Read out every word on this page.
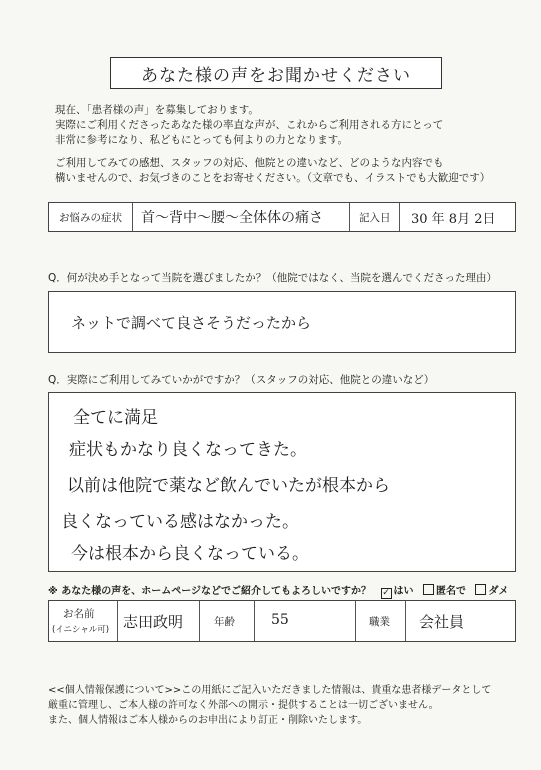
あなた様の声をお聞かせください
現在、「患者様の声」を募集しております。
実際にご利用くださったあなた様の率直な声が、これからご利用される方にとって
非常に参考になり、私どもにとっても何よりの力となります。
ご利用してみての感想、スタッフの対応、他院との違いなど、どのような内容でも
構いませんので、お気づきのことをお寄せください。（文章でも、イラストでも大歓迎です）
お悩みの症状 首～背中～腰～全体体の痛さ	記入日 30 年 8月 2日
Q．何が決め手となって当院を選びましたか？（他院ではなく、当院を選んでくださった理由）
ネットで調べて良さそうだったから
Q．実際にご利用してみていかがですか？（スタッフの対応、他院との違いなど）
全てに満足
症状もかなり良くなってきた。
以前は他院で薬など飲んでいたが根本から
良くなっている感はなかった。
今は根本から良くなっている。
※ あなた様の声を、ホームページなどでご紹介してもよろしいですか？ ✓ はい 匿名で ダメ
お名前
(イニシャル可) 志田政明	年齢	55	職業 会社員
<<個人情報保護について>>この用紙にご記入いただきました情報は、貴重な患者様データとして
厳重に管理し、ご本人様の許可なく外部への開示・提供することは一切ございません。
また、個人情報はご本人様からのお申出により訂正・削除いたします。
